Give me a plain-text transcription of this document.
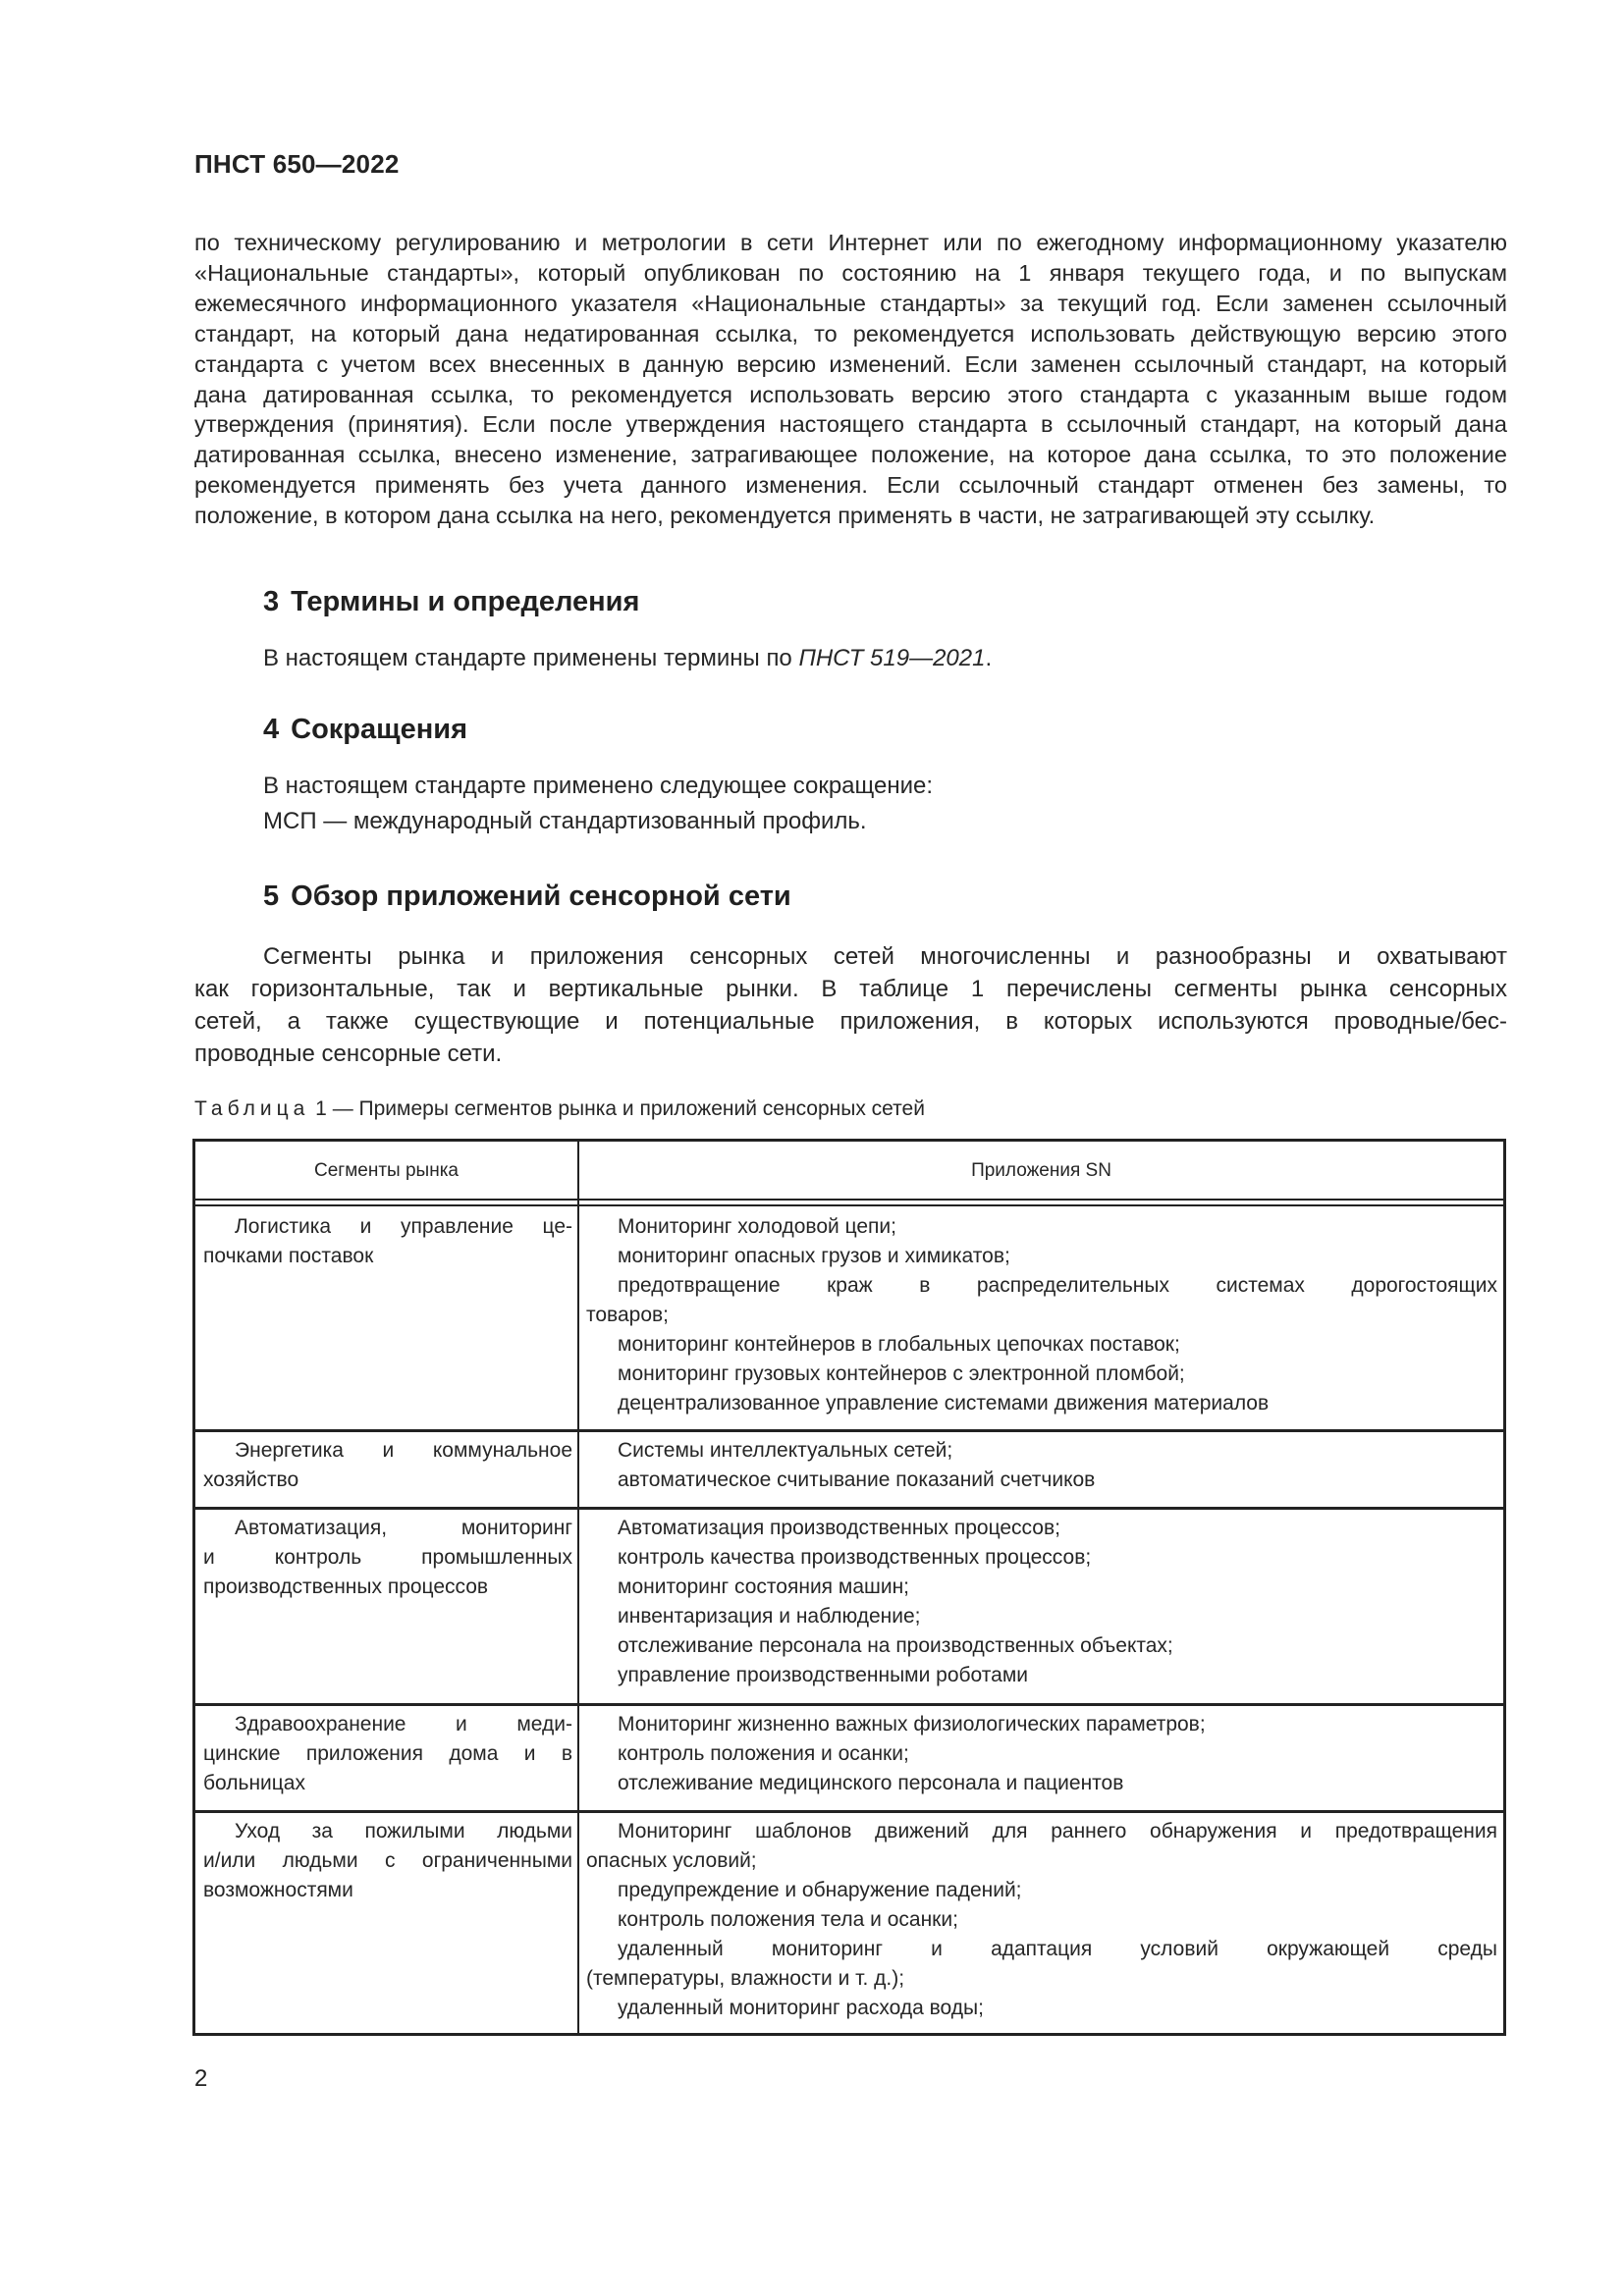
ПНСТ 650—2022
по техническому регулированию и метрологии в сети Интернет или по ежегодному информационному указателю
«Национальные стандарты», который опубликован по состоянию на 1 января текущего года, и по выпускам
ежемесячного информационного указателя «Национальные стандарты» за текущий год. Если заменен ссылочный
стандарт, на который дана недатированная ссылка, то рекомендуется использовать действующую версию этого
стандарта с учетом всех внесенных в данную версию изменений. Если заменен ссылочный стандарт, на который
дана датированная ссылка, то рекомендуется использовать версию этого стандарта с указанным выше годом
утверждения (принятия). Если после утверждения настоящего стандарта в ссылочный стандарт, на который дана
датированная ссылка, внесено изменение, затрагивающее положение, на которое дана ссылка, то это положение
рекомендуется применять без учета данного изменения. Если ссылочный стандарт отменен без замены, то
положение, в котором дана ссылка на него, рекомендуется применять в части, не затрагивающей эту ссылку.
3 Термины и определения
В настоящем стандарте применены термины по ПНСТ 519—2021.
4 Сокращения
В настоящем стандарте применено следующее сокращение:
МСП — международный стандартизованный профиль.
5 Обзор приложений сенсорной сети
Сегменты рынка и приложения сенсорных сетей многочисленны и разнообразны и охватывают
как горизонтальные, так и вертикальные рынки. В таблице 1 перечислены сегменты рынка сенсорных
сетей, а также существующие и потенциальные приложения, в которых используются проводные/бес-
проводные сенсорные сети.
Таблица 1 — Примеры сегментов рынка и приложений сенсорных сетей
Сегменты рынка	Приложения SN
Логистика и управление це-
почками поставок
Мониторинг холодовой цепи;
мониторинг опасных грузов и химикатов;
предотвращение краж в распределительных системах дорогостоящих
товаров;
мониторинг контейнеров в глобальных цепочках поставок;
мониторинг грузовых контейнеров с электронной пломбой;
децентрализованное управление системами движения материалов
Энергетика и коммунальное
хозяйство
Системы интеллектуальных сетей;
автоматическое считывание показаний счетчиков
Автоматизация, мониторинг
и контроль промышленных
производственных процессов
Автоматизация производственных процессов;
контроль качества производственных процессов;
мониторинг состояния машин;
инвентаризация и наблюдение;
отслеживание персонала на производственных объектах;
управление производственными роботами
Здравоохранение и меди-
цинские приложения дома и в
больницах
Мониторинг жизненно важных физиологических параметров;
контроль положения и осанки;
отслеживание медицинского персонала и пациентов
Уход за пожилыми людьми
и/или людьми с ограниченными
возможностями
Мониторинг шаблонов движений для раннего обнаружения и предотвращения
опасных условий;
предупреждение и обнаружение падений;
контроль положения тела и осанки;
удаленный мониторинг и адаптация условий окружающей среды
(температуры, влажности и т. д.);
удаленный мониторинг расхода воды;
2
